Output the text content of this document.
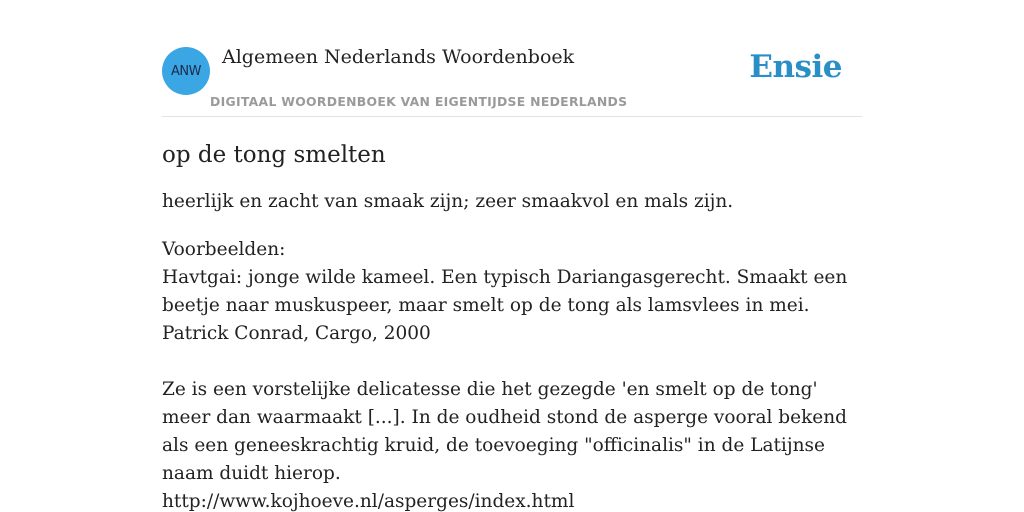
ANW
Algemeen Nederlands Woordenboek
DIGITAAL WOORDENBOEK VAN EIGENTIJDSE NEDERLANDS
Ensie
op de tong smelten

heerlijk en zacht van smaak zijn; zeer smaakvol en mals zijn.

Voorbeelden:
Havtgai: jonge wilde kameel. Een typisch Dariangasgerecht. Smaakt een beetje naar muskuspeer, maar smelt op de tong als lamsvlees in mei.
Patrick Conrad, Cargo, 2000
Ze is een vorstelijke delicatesse die het gezegde 'en smelt op de tong' meer dan waarmaakt [...]. In de oudheid stond de asperge vooral bekend als een geneeskrachtig kruid, de toevoeging "officinalis" in de Latijnse naam duidt hierop.
http://www.kojhoeve.nl/asperges/index.html
